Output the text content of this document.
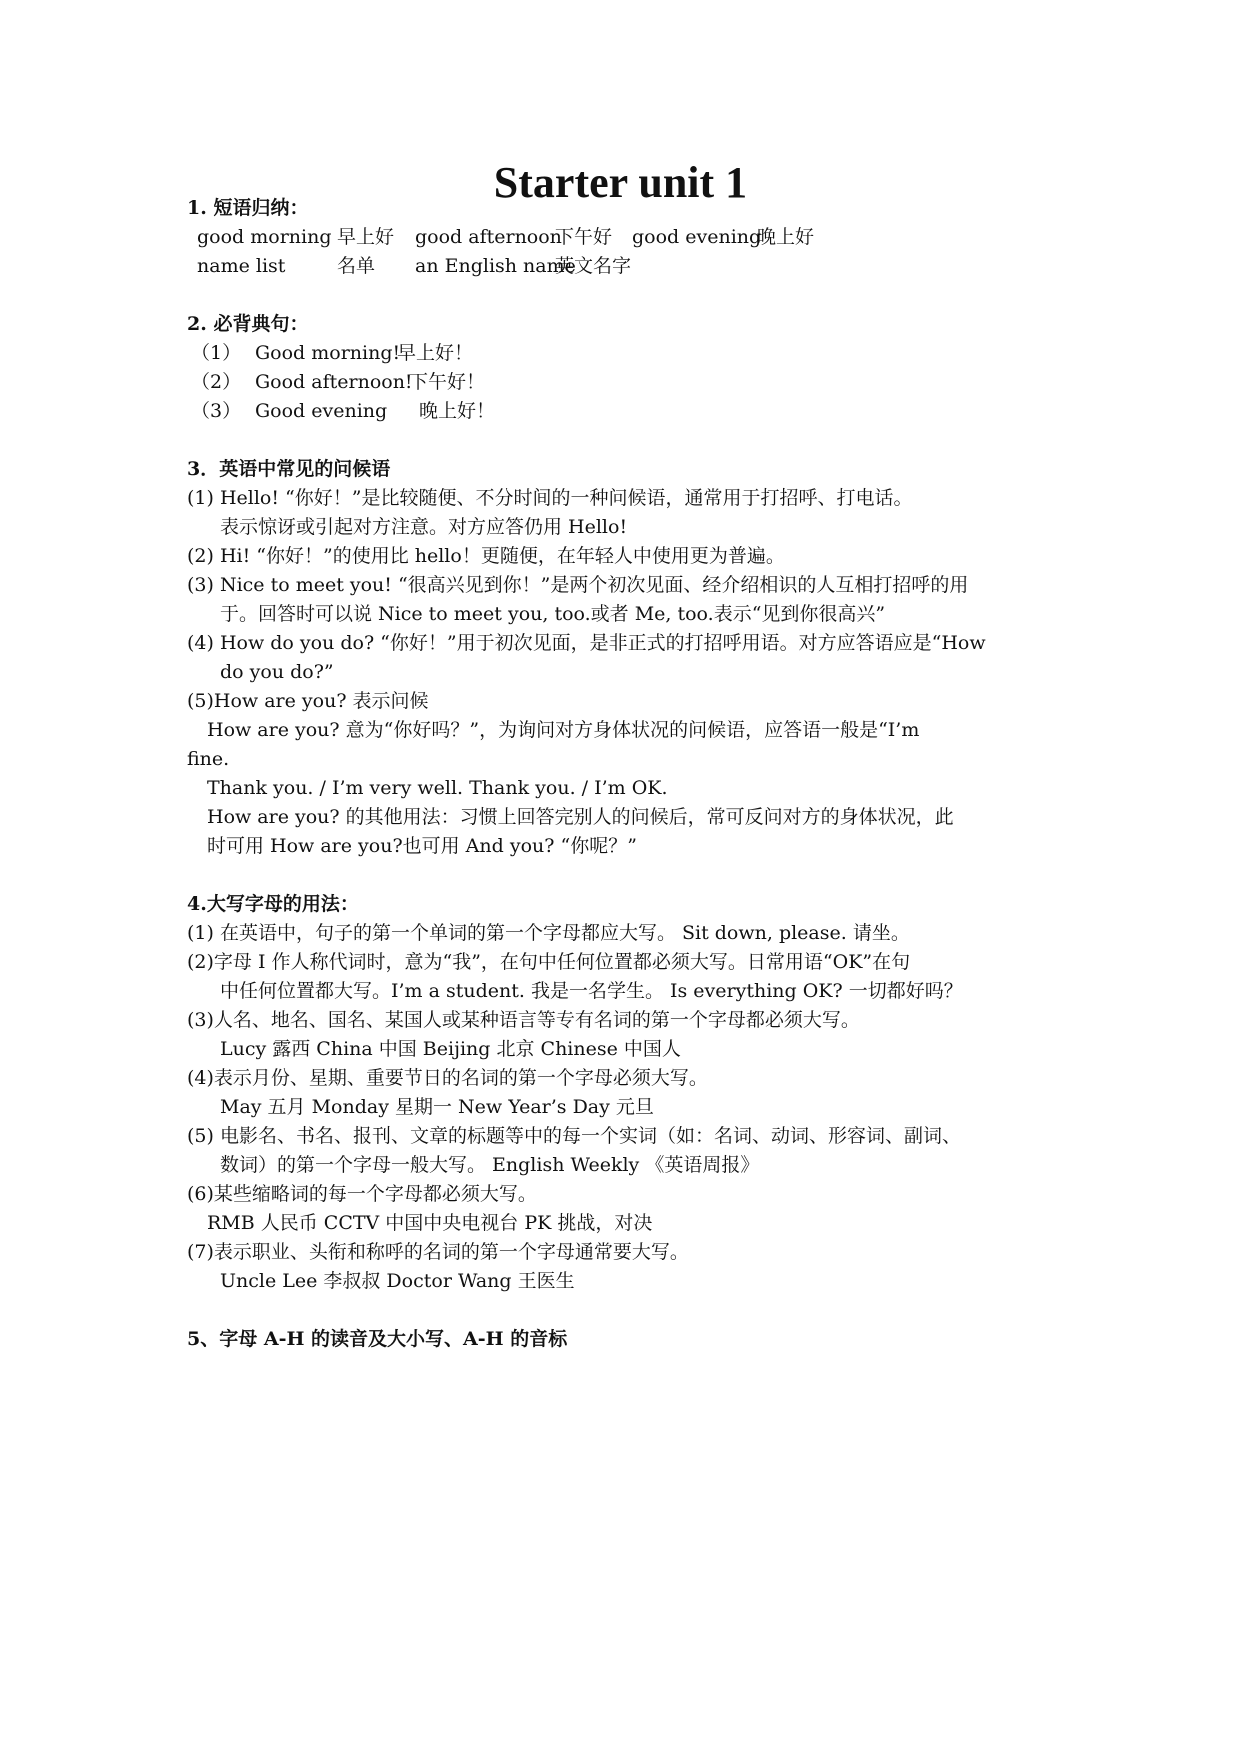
Starter unit 1
1. 短语归纳：
good morning 早上好 good afternoon
下午好 good evening
晚上好
name list	名单 an English name
英文名字
2. 必背典句：
（1） Good morning!
早上好！
（2） Good afternoon!
下午好！
（3） Good evening 晚上好！
3．英语中常见的问候语
(1) Hello! “你好！”是比较随便、不分时间的一种问候语，通常用于打招呼、打电话。
表示惊讶或引起对方注意。对方应答仍用 Hello!
(2) Hi! “你好！”的使用比 hello！更随便，在年轻人中使用更为普遍。
(3) Nice to meet you! “很高兴见到你！”是两个初次见面、经介绍相识的人互相打招呼的用
于。回答时可以说 Nice to meet you, too.或者 Me, too.表示“见到你很高兴”
(4) How do you do? “你好！”用于初次见面，是非正式的打招呼用语。对方应答语应是“How
do you do?”
(5)How are you? 表示问候
How are you? 意为“你好吗？”，为询问对方身体状况的问候语，应答语一般是“I’m
fine.
Thank you. / I’m very well. Thank you. / I’m OK.
How are you? 的其他用法：习惯上回答完别人的问候后，常可反问对方的身体状况，此
时可用 How are you?也可用 And you? “你呢？”
4.大写字母的用法：
(1) 在英语中，句子的第一个单词的第一个字母都应大写。 Sit down, please. 请坐。
(2)字母 I 作人称代词时，意为“我”，在句中任何位置都必须大写。日常用语“OK”在句
中任何位置都大写。I’m a student. 我是一名学生。 Is everything OK? 一切都好吗？
(3)人名、地名、国名、某国人或某种语言等专有名词的第一个字母都必须大写。
Lucy 露西 China 中国 Beijing 北京 Chinese 中国人
(4)表示月份、星期、重要节日的名词的第一个字母必须大写。
May 五月 Monday 星期一 New Year’s Day 元旦
(5) 电影名、书名、报刊、文章的标题等中的每一个实词（如：名词、动词、形容词、副词、
数词）的第一个字母一般大写。 English Weekly 《英语周报》
(6)某些缩略词的每一个字母都必须大写。
RMB 人民币 CCTV 中国中央电视台 PK 挑战，对决
(7)表示职业、头衔和称呼的名词的第一个字母通常要大写。
Uncle Lee 李叔叔 Doctor Wang 王医生
5、字母 A-H 的读音及大小写、A-H 的音标
